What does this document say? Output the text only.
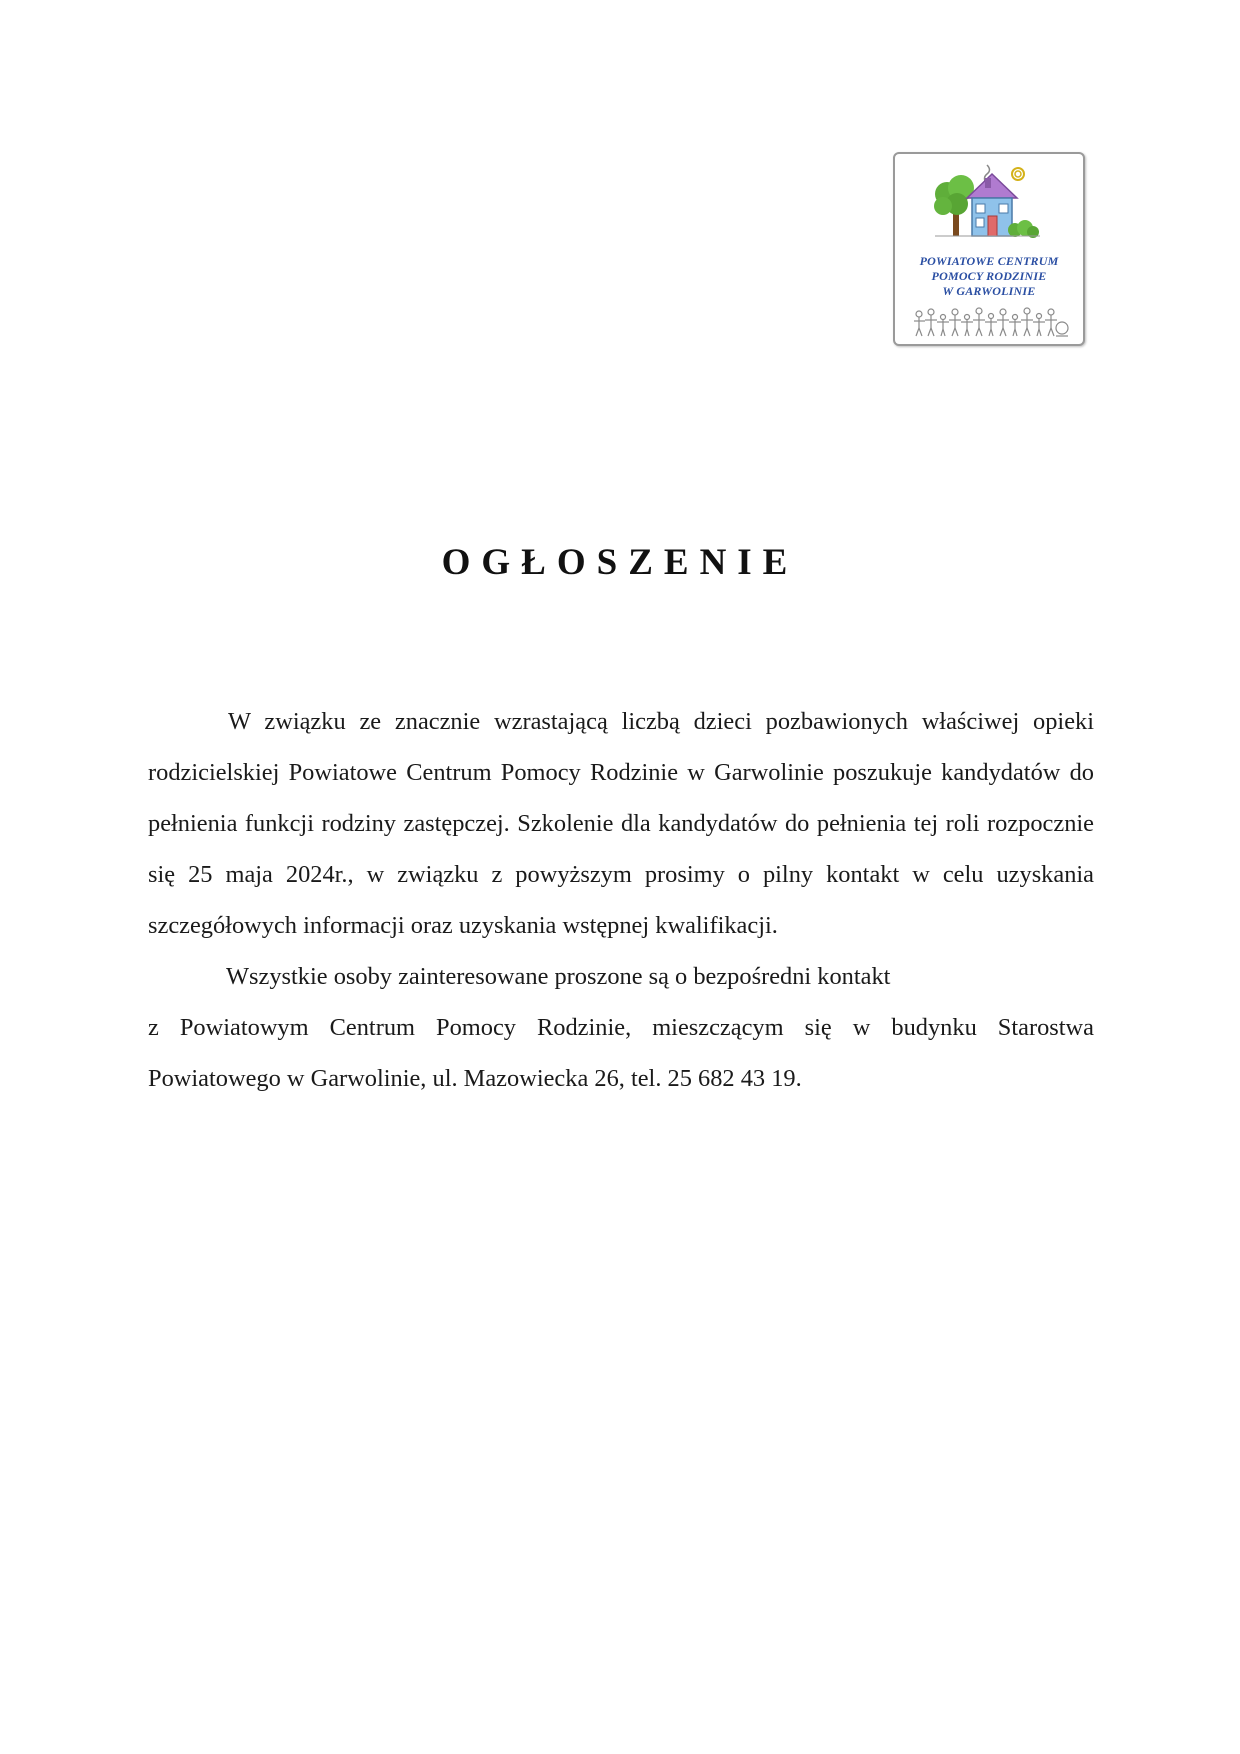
POWIATOWE CENTRUM
POMOCY RODZINIE
W GARWOLINIE
OGŁOSZENIE

W związku ze znacznie wzrastającą liczbą dzieci pozbawionych właściwej opieki rodzicielskiej Powiatowe Centrum Pomocy Rodzinie w Garwolinie poszukuje kandydatów do pełnienia funkcji rodziny zastępczej. Szkolenie dla kandydatów do pełnienia tej roli rozpocznie się 25 maja 2024r., w związku z powyższym prosimy o pilny kontakt w celu uzyskania szczegółowych informacji oraz uzyskania wstępnej kwalifikacji.

Wszystkie osoby zainteresowane proszone są o bezpośredni kontakt

z Powiatowym Centrum Pomocy Rodzinie, mieszczącym się w budynku Starostwa Powiatowego w Garwolinie, ul. Mazowiecka 26, tel. 25 682 43 19.
